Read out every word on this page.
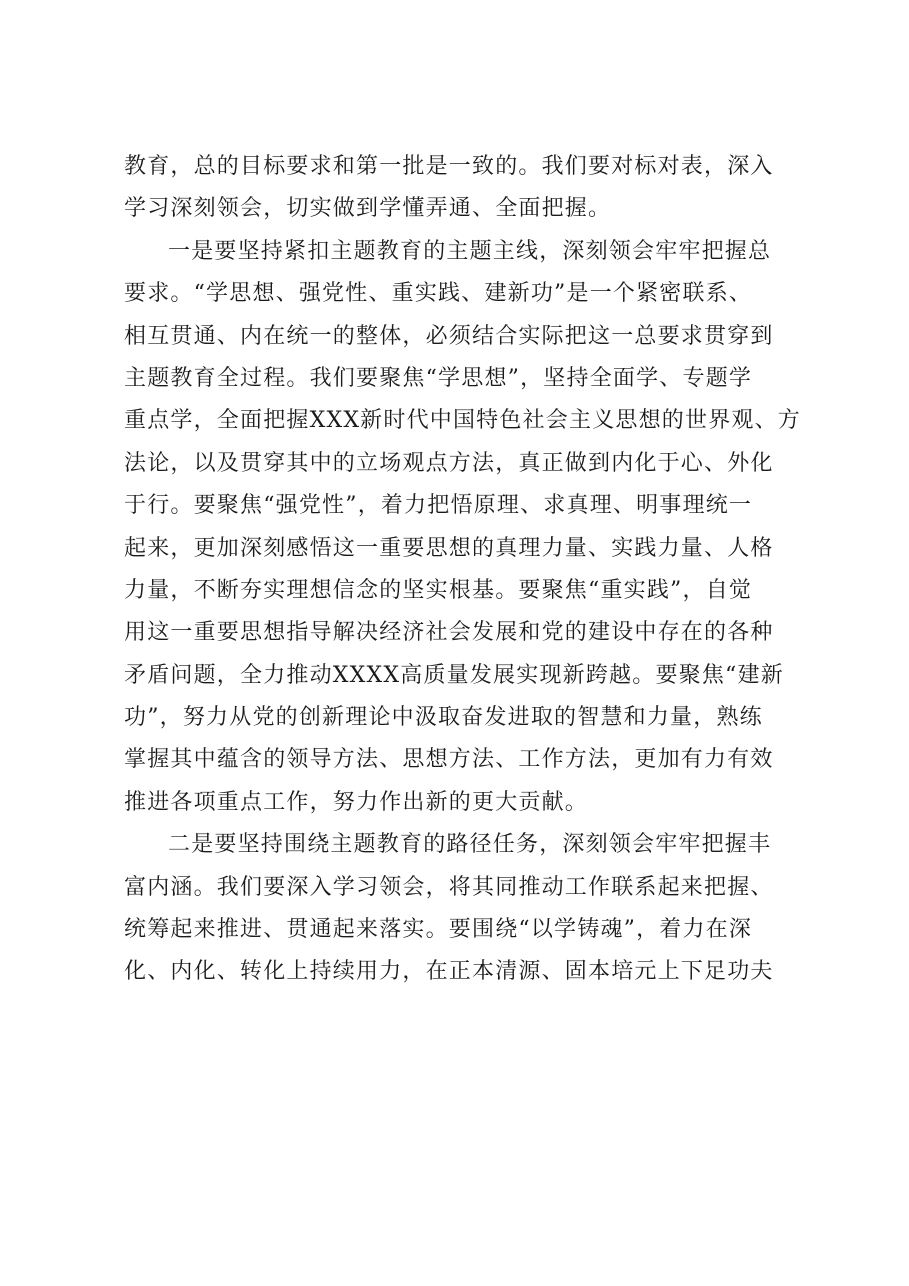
教育，总的目标要求和第一批是一致的。我们要对标对表，深入
学习深刻领会，切实做到学懂弄通、全面把握。
一是要坚持紧扣主题教育的主题主线，深刻领会牢牢把握总
要求。“学思想、强党性、重实践、建新功”是一个紧密联系、
相互贯通、内在统一的整体，必须结合实际把这一总要求贯穿到
主题教育全过程。我们要聚焦“学思想”，坚持全面学、专题学
重点学，全面把握XXX新时代中国特色社会主义思想的世界观、方
法论，以及贯穿其中的立场观点方法，真正做到内化于心、外化
于行。要聚焦“强党性”，着力把悟原理、求真理、明事理统一
起来，更加深刻感悟这一重要思想的真理力量、实践力量、人格
力量，不断夯实理想信念的坚实根基。要聚焦“重实践”，自觉
用这一重要思想指导解决经济社会发展和党的建设中存在的各种
矛盾问题，全力推动XXXX高质量发展实现新跨越。要聚焦“建新
功”，努力从党的创新理论中汲取奋发进取的智慧和力量，熟练
掌握其中蕴含的领导方法、思想方法、工作方法，更加有力有效
推进各项重点工作，努力作出新的更大贡献。
二是要坚持围绕主题教育的路径任务，深刻领会牢牢把握丰
富内涵。我们要深入学习领会，将其同推动工作联系起来把握、
统筹起来推进、贯通起来落实。要围绕“以学铸魂”，着力在深
化、内化、转化上持续用力，在正本清源、固本培元上下足功夫
